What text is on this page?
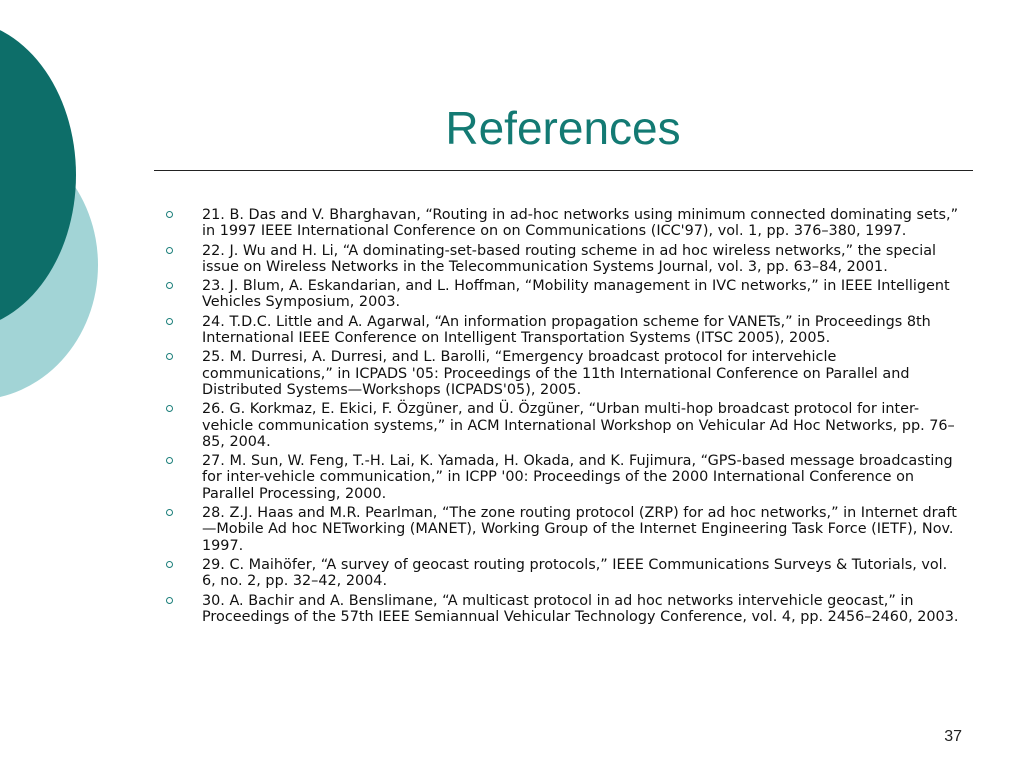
References
21. B. Das and V. Bharghavan, “Routing in ad-hoc networks using minimum connected dominating sets,” in 1997 IEEE International Conference on on Communications (ICC'97), vol. 1, pp. 376–380, 1997.
22. J. Wu and H. Li, “A dominating-set-based routing scheme in ad hoc wireless networks,” the special issue on Wireless Networks in the Telecommunication Systems Journal, vol. 3, pp. 63–84, 2001.
23. J. Blum, A. Eskandarian, and L. Hoffman, “Mobility management in IVC networks,” in IEEE Intelligent Vehicles Symposium, 2003.
24. T.D.C. Little and A. Agarwal, “An information propagation scheme for VANETs,” in Proceedings 8th International IEEE Conference on Intelligent Transportation Systems (ITSC 2005), 2005.
25. M. Durresi, A. Durresi, and L. Barolli, “Emergency broadcast protocol for intervehicle communications,” in ICPADS '05: Proceedings of the 11th International Conference on Parallel and Distributed Systems—Workshops (ICPADS'05), 2005.
26. G. Korkmaz, E. Ekici, F. Özgüner, and Ü. Özgüner, “Urban multi-hop broadcast protocol for inter-vehicle communication systems,” in ACM International Workshop on Vehicular Ad Hoc Networks, pp. 76–85, 2004.
27. M. Sun, W. Feng, T.-H. Lai, K. Yamada, H. Okada, and K. Fujimura, “GPS-based message broadcasting for inter-vehicle communication,” in ICPP '00: Proceedings of the 2000 International Conference on Parallel Processing, 2000.
28. Z.J. Haas and M.R. Pearlman, “The zone routing protocol (ZRP) for ad hoc networks,” in Internet draft—Mobile Ad hoc NETworking (MANET), Working Group of the Internet Engineering Task Force (IETF), Nov. 1997.
29. C. Maihöfer, “A survey of geocast routing protocols,” IEEE Communications Surveys & Tutorials, vol. 6, no. 2, pp. 32–42, 2004.
30. A. Bachir and A. Benslimane, “A multicast protocol in ad hoc networks intervehicle geocast,” in Proceedings of the 57th IEEE Semiannual Vehicular Technology Conference, vol. 4, pp. 2456–2460, 2003.
37
